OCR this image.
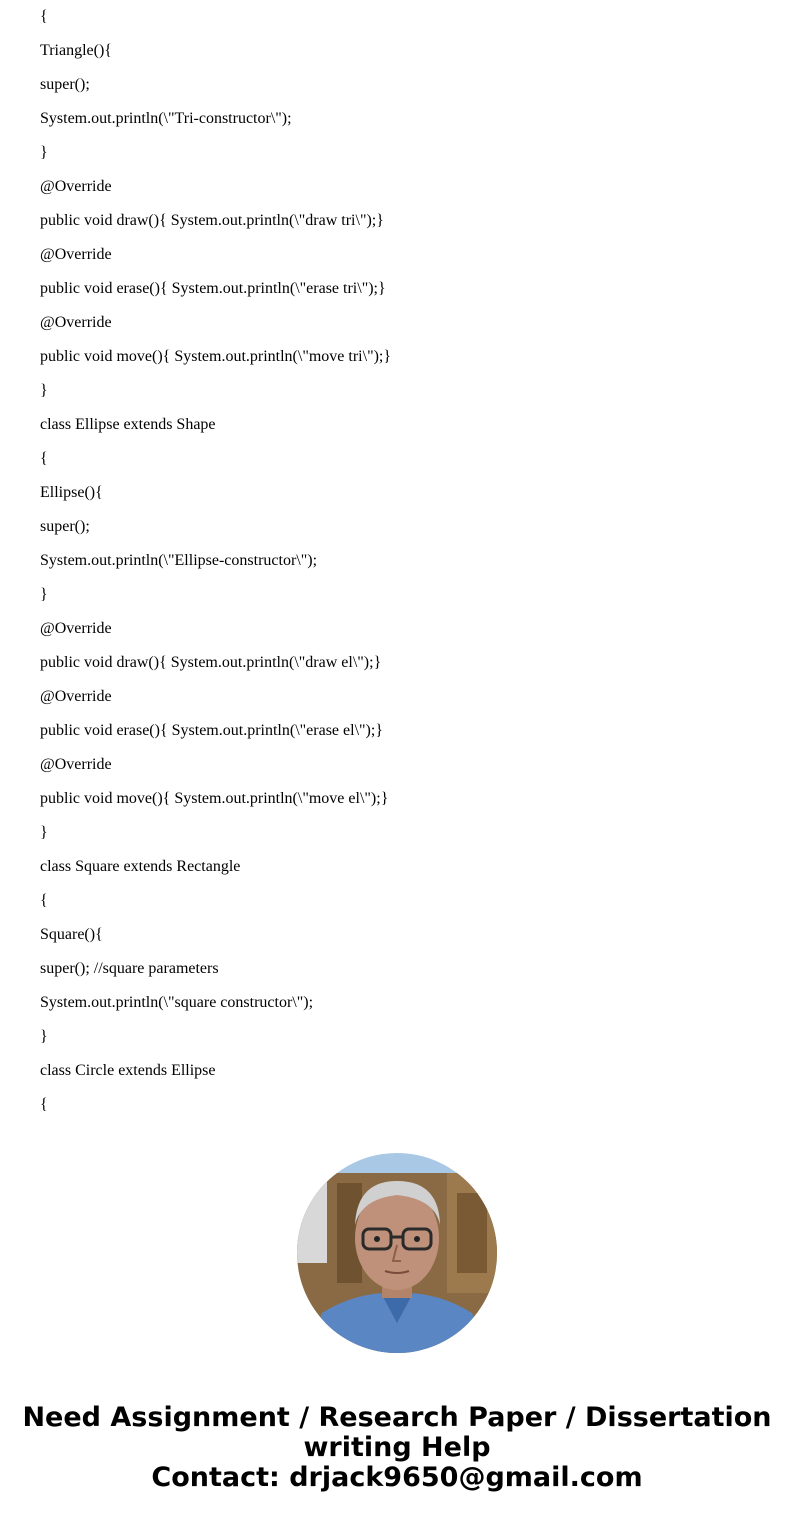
{
Triangle(){
super();
System.out.println(\"Tri-constructor\");
}
@Override
public void draw(){ System.out.println(\"draw tri\");}
@Override
public void erase(){ System.out.println(\"erase tri\");}
@Override
public void move(){ System.out.println(\"move tri\");}
}
class Ellipse extends Shape
{
Ellipse(){
super();
System.out.println(\"Ellipse-constructor\");
}
@Override
public void draw(){ System.out.println(\"draw el\");}
@Override
public void erase(){ System.out.println(\"erase el\");}
@Override
public void move(){ System.out.println(\"move el\");}
}
class Square extends Rectangle
{
Square(){
super(); //square parameters
System.out.println(\"square constructor\");
}
class Circle extends Ellipse
{
Need Assignment / Research Paper / Dissertation
writing Help
Contact: drjack9650@gmail.com
